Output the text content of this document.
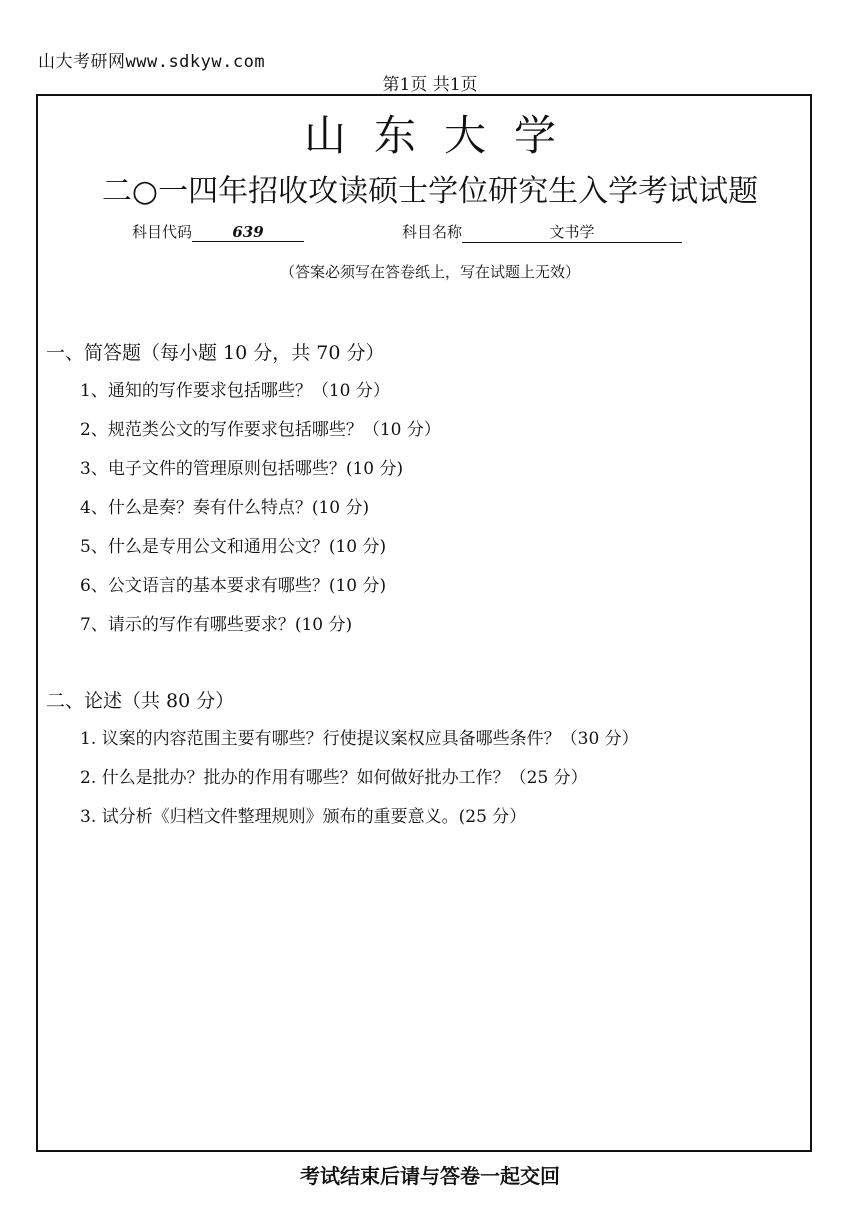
山大考研网www.sdkyw.com
第1页 共1页
山东大学
二○一四年招收攻读硕士学位研究生入学考试试题
科目代码	639	科目名称	文书学
（答案必须写在答卷纸上，写在试题上无效）
一、简答题（每小题 10 分，共 70 分）
1、通知的写作要求包括哪些？（10 分）
2、规范类公文的写作要求包括哪些？（10 分）
3、电子文件的管理原则包括哪些？(10 分)
4、什么是奏？奏有什么特点？(10 分)
5、什么是专用公文和通用公文？(10 分)
6、公文语言的基本要求有哪些？(10 分)
7、请示的写作有哪些要求？(10 分)
二、论述（共 80 分）
1. 议案的内容范围主要有哪些？行使提议案权应具备哪些条件？（30 分）
2. 什么是批办？批办的作用有哪些？如何做好批办工作？（25 分）
3. 试分析《归档文件整理规则》颁布的重要意义。(25 分）
考试结束后请与答卷一起交回
